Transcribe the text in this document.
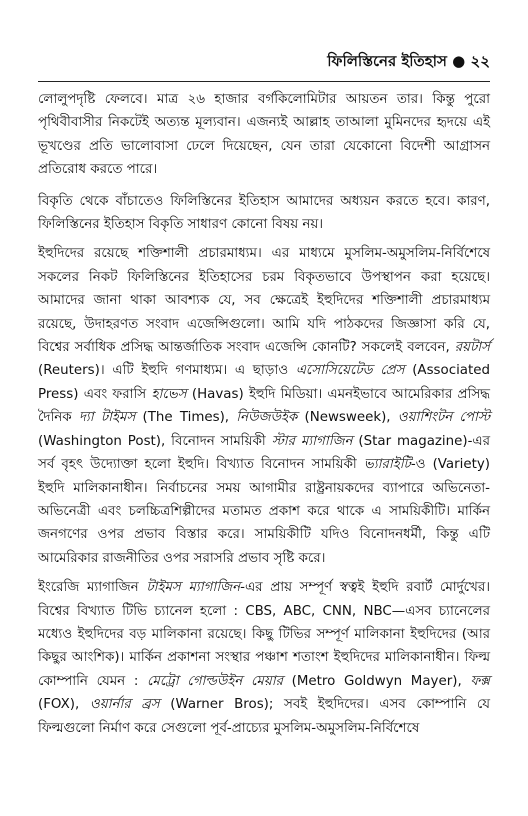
ফিলিস্তিনের ইতিহাস ● ২২

লোলুপদৃষ্টি ফেলবে। মাত্র ২৬ হাজার বর্গকিলোমিটার আয়তন তার। কিন্তু পুরো পৃথিবীবাসীর নিকটেই অত্যন্ত মূল্যবান। এজন্যই আল্লাহ তাআলা মুমিনদের হৃদয়ে এই ভূখণ্ডের প্রতি ভালোবাসা ঢেলে দিয়েছেন, যেন তারা যেকোনো বিদেশী আগ্রাসন প্রতিরোধ করতে পারে।

বিকৃতি থেকে বাঁচাতেও ফিলিস্তিনের ইতিহাস আমাদের অধ্যয়ন করতে হবে। কারণ, ফিলিস্তিনের ইতিহাস বিকৃতি সাধারণ কোনো বিষয় নয়।

ইহুদিদের রয়েছে শক্তিশালী প্রচারমাধ্যম। এর মাধ্যমে মুসলিম-অমুসলিম-নির্বিশেষে সকলের নিকট ফিলিস্তিনের ইতিহাসের চরম বিকৃতভাবে উপস্থাপন করা হয়েছে। আমাদের জানা থাকা আবশ্যক যে, সব ক্ষেত্রেই ইহুদিদের শক্তিশালী প্রচারমাধ্যম রয়েছে, উদাহরণত সংবাদ এজেন্সিগুলো। আমি যদি পাঠকদের জিজ্ঞাসা করি যে, বিশ্বের সর্বাধিক প্রসিদ্ধ আন্তর্জাতিক সংবাদ এজেন্সি কোনটি? সকলেই বলবেন, রয়টার্স (Reuters)। এটি ইহুদি গণমাধ্যম। এ ছাড়াও এসোসিয়েটেড প্রেস (Associated Press) এবং ফরাসি হাভেস (Havas) ইহুদি মিডিয়া। এমনইভাবে আমেরিকার প্রসিদ্ধ দৈনিক দ্যা টাইমস (The Times), নিউজউইক (Newsweek), ওয়াশিংটন পোস্ট (Washington Post), বিনোদন সাময়িকী স্টার ম্যাগাজিন (Star magazine)-এর সর্ব বৃহৎ উদ্যোক্তা হলো ইহুদি। বিখ্যাত বিনোদন সাময়িকী ভ্যারাইটি-ও (Variety) ইহুদি মালিকানাধীন। নির্বাচনের সময় আগামীর রাষ্ট্রনায়কদের ব্যাপারে অভিনেতা-অভিনেত্রী এবং চলচ্চিত্রশিল্পীদের মতামত প্রকাশ করে থাকে এ সাময়িকীটি। মার্কিন জনগণের ওপর প্রভাব বিস্তার করে। সাময়িকীটি যদিও বিনোদনধর্মী, কিন্তু এটি আমেরিকার রাজনীতির ওপর সরাসরি প্রভাব সৃষ্টি করে।

ইংরেজি ম্যাগাজিন টাইমস ম্যাগাজিন-এর প্রায় সম্পূর্ণ স্বত্বই ইহুদি রবার্ট মোর্দুখের। বিশ্বের বিখ্যাত টিভি চ্যানেল হলো : CBS, ABC, CNN, NBC—এসব চ্যানেলের মধ্যেও ইহুদিদের বড় মালিকানা রয়েছে। কিছু টিভির সম্পূর্ণ মালিকানা ইহুদিদের (আর কিছুর আংশিক)। মার্কিন প্রকাশনা সংস্থার পঞ্চাশ শতাংশ ইহুদিদের মালিকানাধীন। ফিল্ম কোম্পানি যেমন : মেট্রো গোল্ডউইন মেয়ার (Metro Goldwyn Mayer), ফক্স (FOX), ওয়ার্নার ব্রস (Warner Bros); সবই ইহুদিদের। এসব কোম্পানি যে ফিল্মগুলো নির্মাণ করে সেগুলো পূর্ব-প্রাচ্যের মুসলিম-অমুসলিম-নির্বিশেষে
